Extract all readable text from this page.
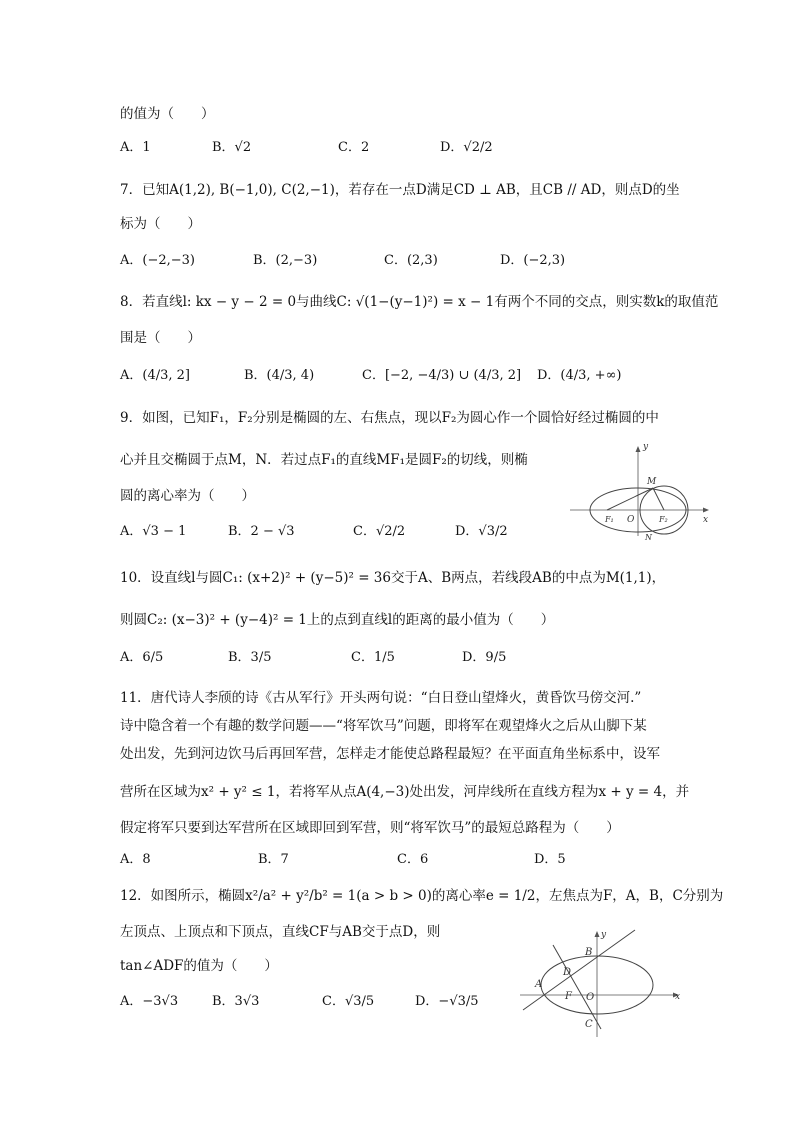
的值为（　　）
A．1	B．√2	C．2	D．√2/2
7．已知A(1,2), B(−1,0), C(2,−1)，若存在一点D满足CD ⊥ AB，且CB // AD，则点D的坐
标为（　　）
A．(−2,−3)	B．(2,−3)	C．(2,3)	D．(−2,3)
8．若直线l: kx − y − 2 = 0与曲线C: √(1−(y−1)²) = x − 1有两个不同的交点，则实数k的取值范
围是（　　）
A．(4/3, 2]	B．(4/3, 4)	C．[−2, −4/3) ∪ (4/3, 2] D．(4/3, +∞)
9．如图，已知F₁，F₂分别是椭圆的左、右焦点，现以F₂为圆心作一个圆恰好经过椭圆的中
心并且交椭圆于点M，N．若过点F₁的直线MF₁是圆F₂的切线，则椭
圆的离心率为（　　）
A．√3 − 1	B．2 − √3	C．√2/2	D．√3/2
y
M
F₁ O	F₂
N
x
10．设直线l与圆C₁: (x+2)² + (y−5)² = 36交于A、B两点，若线段AB的中点为M(1,1)，
则圆C₂: (x−3)² + (y−4)² = 1上的点到直线l的距离的最小值为（　　）
A．6/5	B．3/5	C．1/5	D．9/5
11．唐代诗人李颀的诗《古从军行》开头两句说：“白日登山望烽火，黄昏饮马傍交河.”
诗中隐含着一个有趣的数学问题——“将军饮马”问题，即将军在观望烽火之后从山脚下某
处出发，先到河边饮马后再回军营，怎样走才能使总路程最短？在平面直角坐标系中，设军
营所在区域为x² + y² ≤ 1，若将军从点A(4,−3)处出发，河岸线所在直线方程为x + y = 4，并
假定将军只要到达军营所在区域即回到军营，则“将军饮马”的最短总路程为（　　）
A．8	B．7	C．6	D．5
12．如图所示，椭圆x²/a² + y²/b² = 1(a > b > 0)的离心率e = 1/2，左焦点为F，A，B，C分别为
左顶点、上顶点和下顶点，直线CF与AB交于点D，则
tan∠ADF的值为（　　）
A．−3√3	B．3√3	C．√3/5	D．−√3/5
y
B
D
A
F O	x
C
